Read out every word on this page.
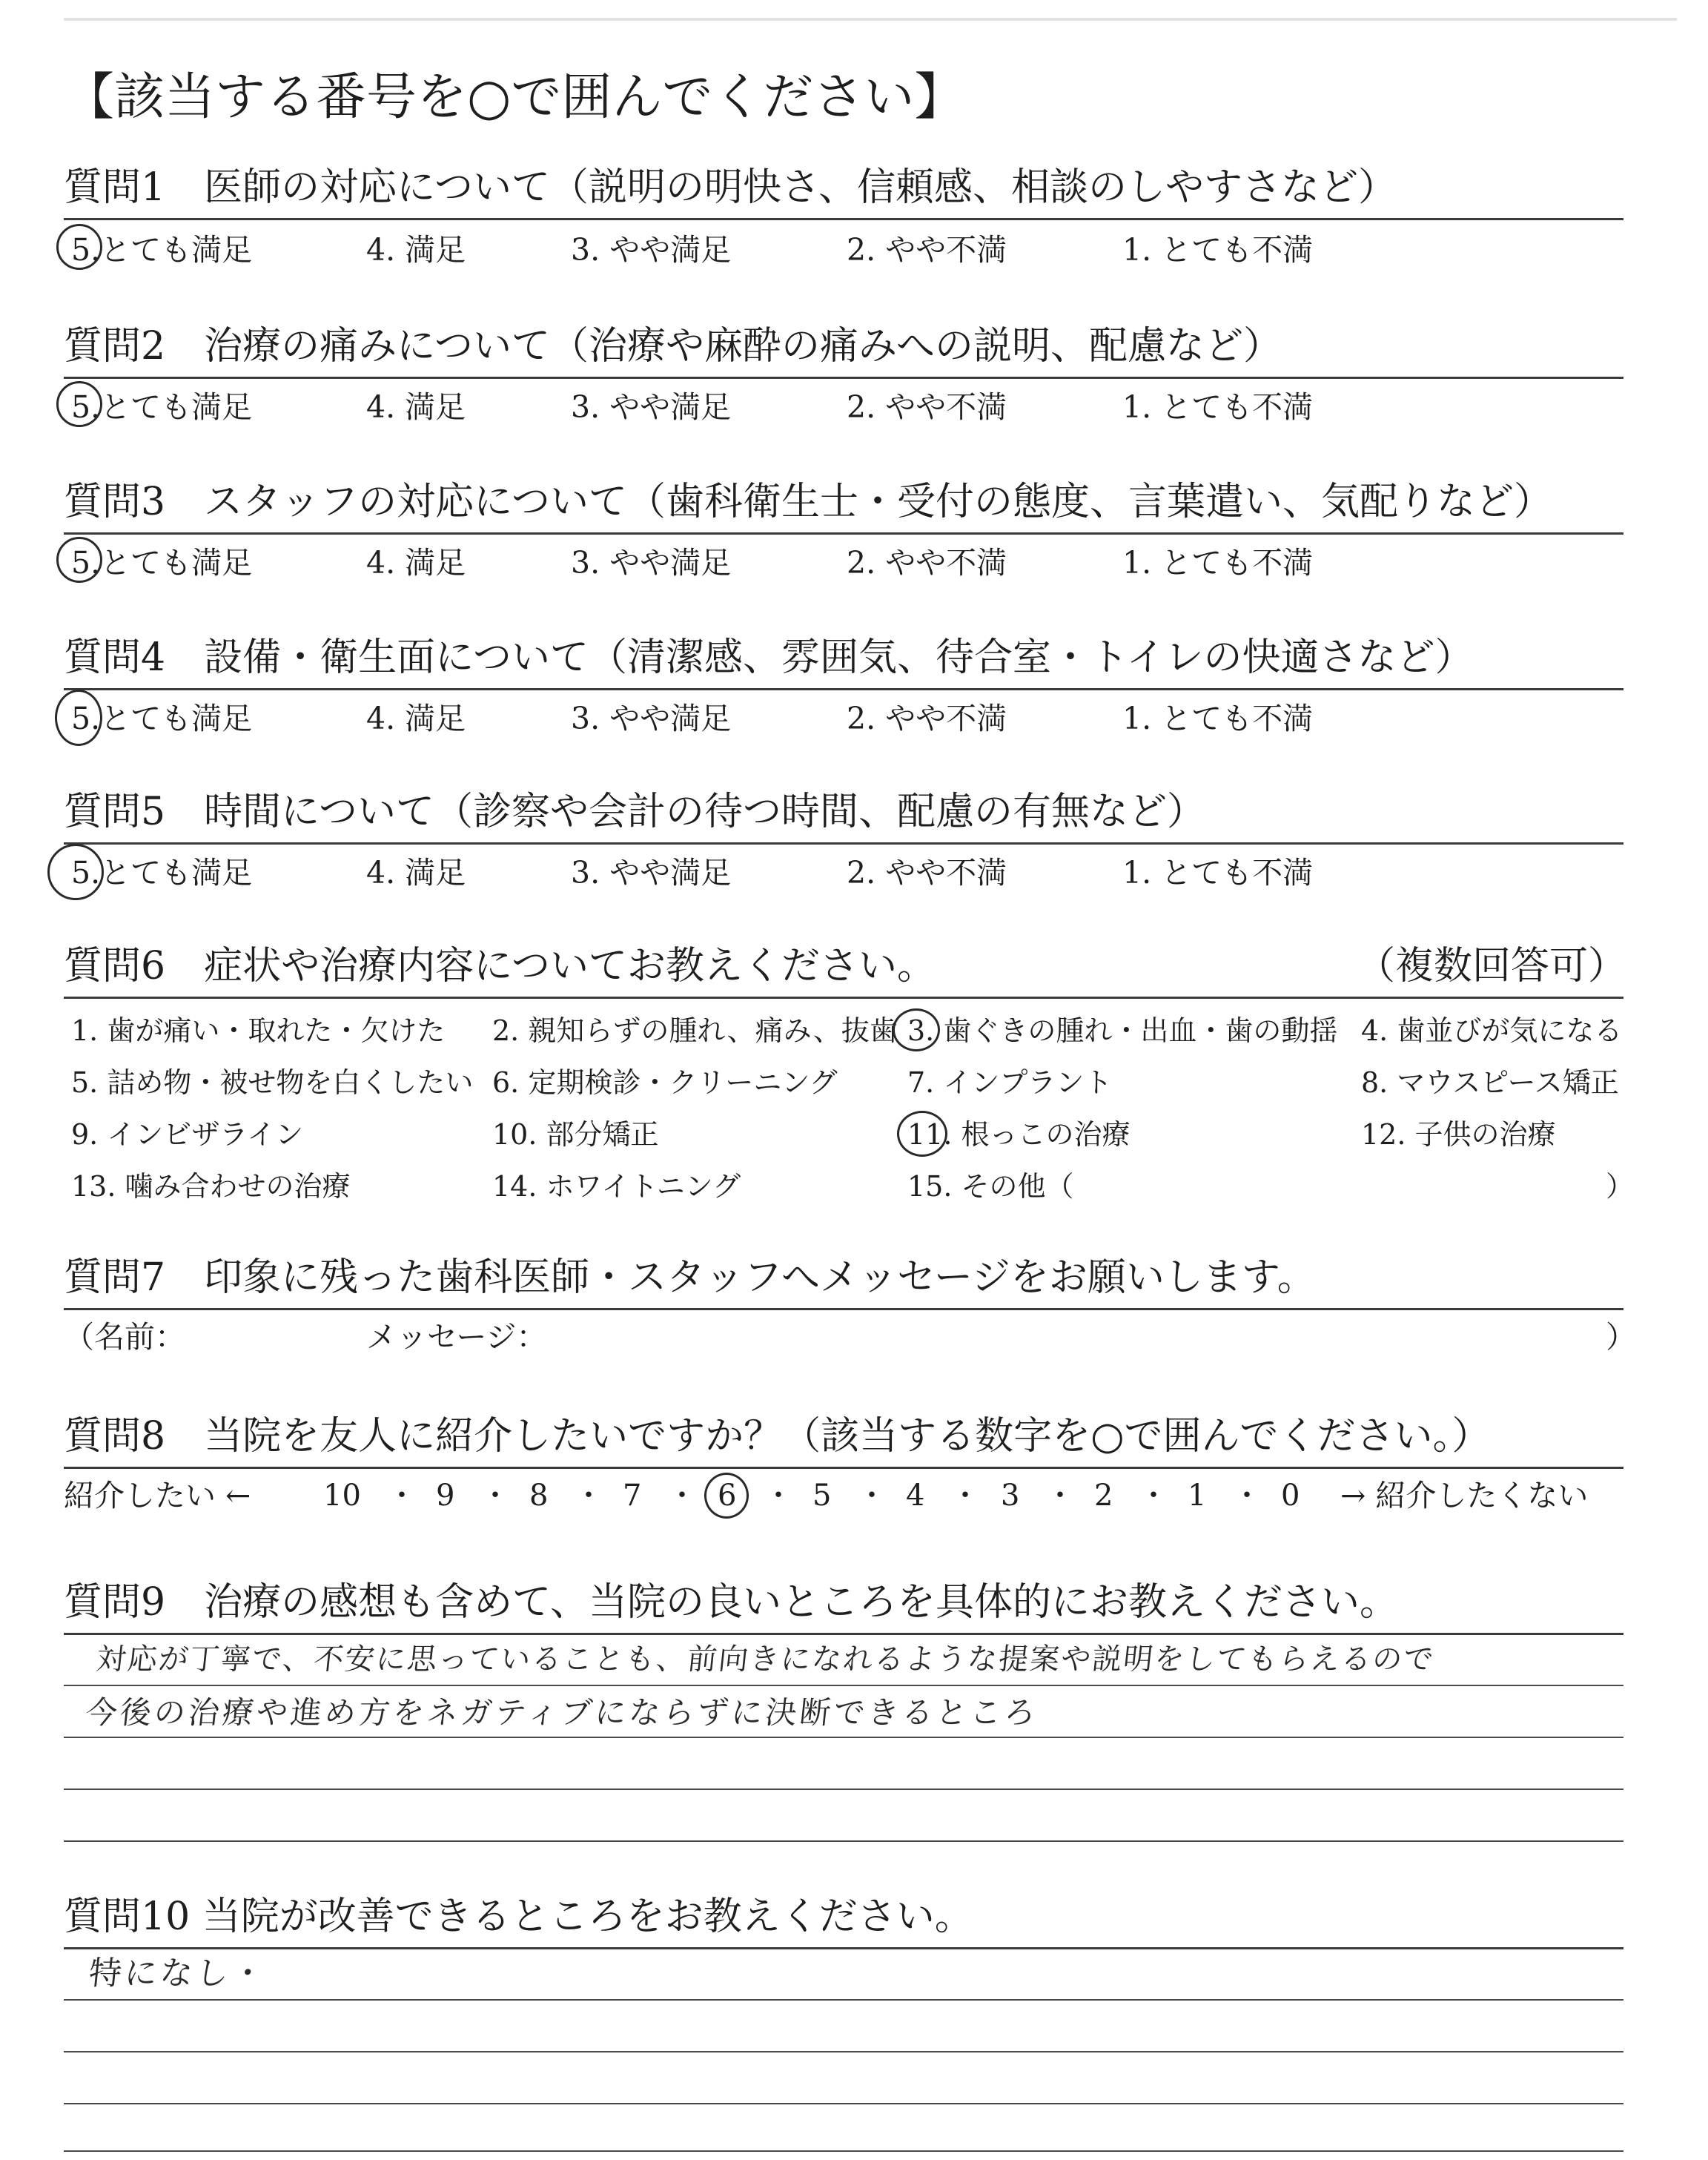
【該当する番号を○で囲んでください】
質問1　医師の対応について（説明の明快さ、信頼感、相談のしやすさなど）
5.とても満足	4. 満足	3. やや満足	2. やや不満	1. とても不満
質問2　治療の痛みについて（治療や麻酔の痛みへの説明、配慮など）
5.とても満足	4. 満足	3. やや満足	2. やや不満	1. とても不満
質問3　スタッフの対応について（歯科衛生士・受付の態度、言葉遣い、気配りなど）
5.とても満足	4. 満足	3. やや満足	2. やや不満	1. とても不満
質問4　設備・衛生面について（清潔感、雰囲気、待合室・トイレの快適さなど）
5.とても満足	4. 満足	3. やや満足	2. やや不満	1. とても不満
質問5　時間について（診察や会計の待つ時間、配慮の有無など）
5.とても満足	4. 満足	3. やや満足	2. やや不満	1. とても不満
質問6　症状や治療内容についてお教えください。	（複数回答可）
1. 歯が痛い・取れた・欠けた 2. 親知らずの腫れ、痛み、抜歯 3. 歯ぐきの腫れ・出血・歯の動揺 4. 歯並びが気になる
5. 詰め物・被せ物を白くしたい 6. 定期検診・クリーニング 7. インプラント	8. マウスピース矯正
9. インビザライン	10. 部分矯正	11. 根っこの治療	12. 子供の治療
13. 噛み合わせの治療	14. ホワイトニング	15. その他（	）
質問7　印象に残った歯科医師・スタッフへメッセージをお願いします。
（名前：	メッセージ：	）
質問8　当院を友人に紹介したいですか？（該当する数字を○で囲んでください。）
紹介したい ← 10 ・ 9 ・ 8 ・ 7 ・ 6 ・ 5 ・ 4 ・ 3 ・ 2 ・ 1 ・ 0 → 紹介したくない
質問9　治療の感想も含めて、当院の良いところを具体的にお教えください。
対応が丁寧で、不安に思っていることも、前向きになれるような提案や説明をしてもらえるので
今後の治療や進め方をネガティブにならずに決断できるところ
質問10 当院が改善できるところをお教えください。
特になし・
